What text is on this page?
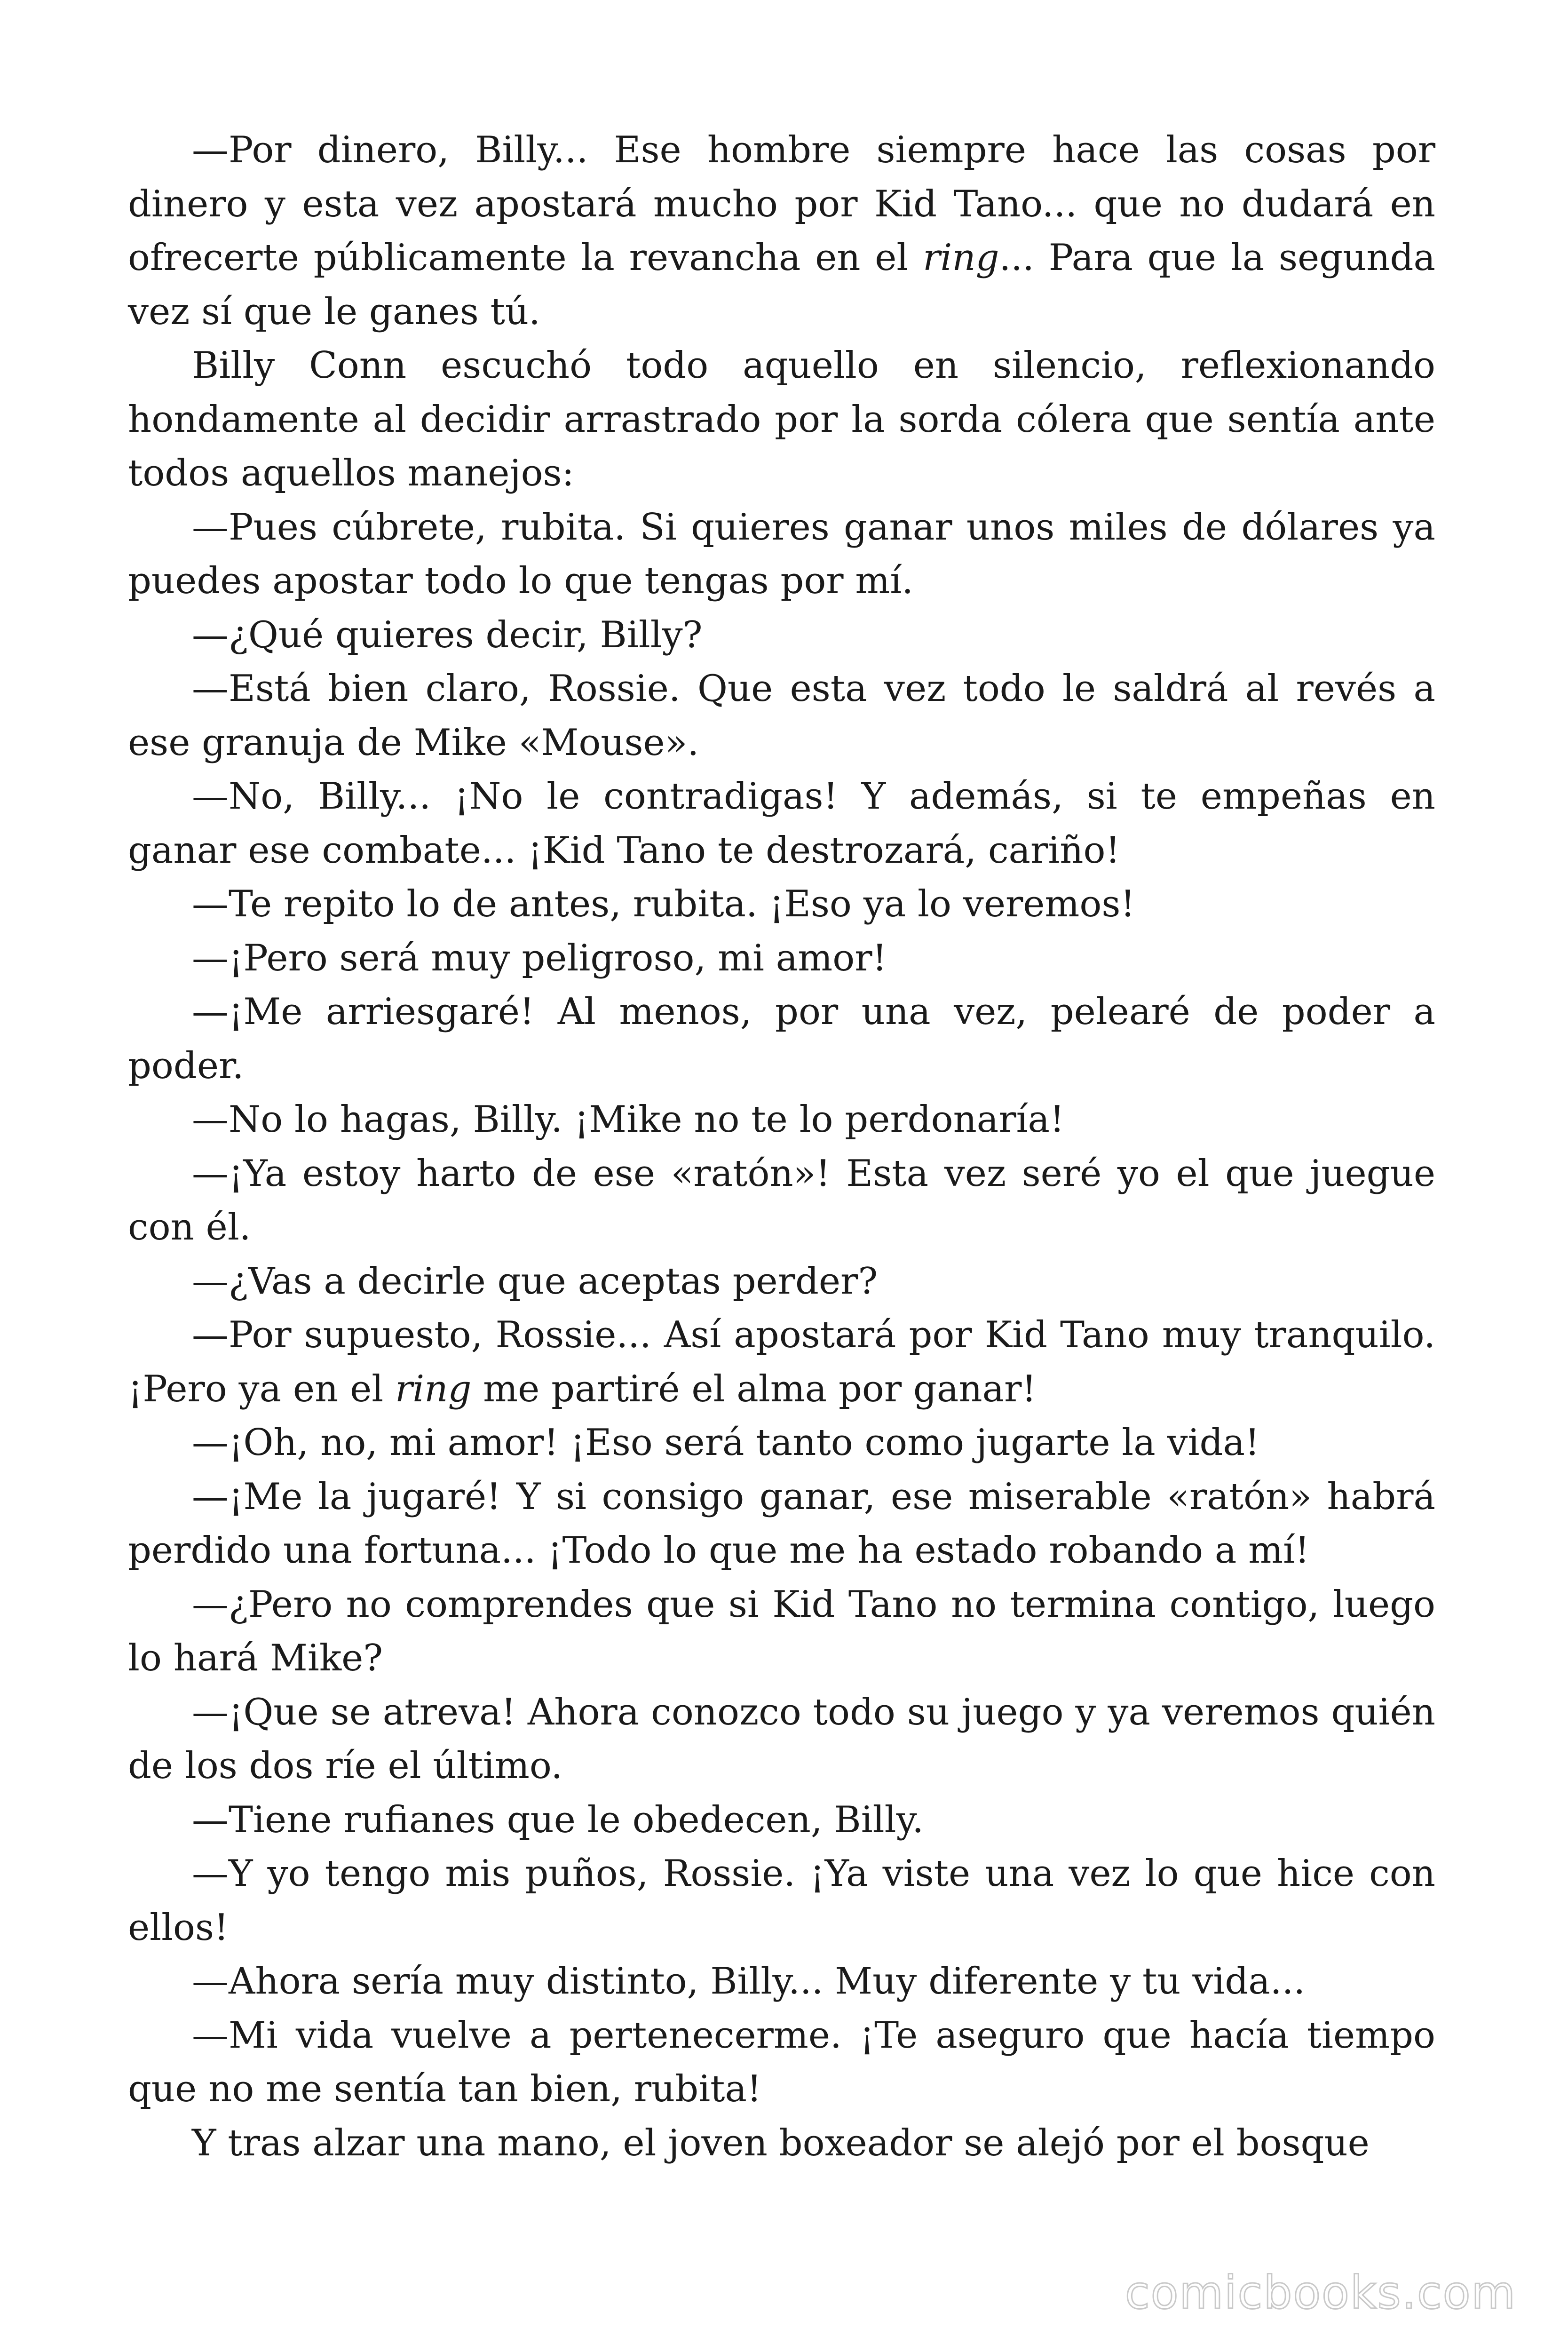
—Por dinero, Billy... Ese hombre siempre hace las cosas por dinero y esta vez apostará mucho por Kid Tano... que no dudará en ofrecerte públicamente la revancha en el ring... Para que la segunda vez sí que le ganes tú.

Billy Conn escuchó todo aquello en silencio, reflexionando hondamente al decidir arrastrado por la sorda cólera que sentía ante todos aquellos manejos:

—Pues cúbrete, rubita. Si quieres ganar unos miles de dólares ya puedes apostar todo lo que tengas por mí.

—¿Qué quieres decir, Billy?

—Está bien claro, Rossie. Que esta vez todo le saldrá al revés a ese granuja de Mike «Mouse».

—No, Billy... ¡No le contradigas! Y además, si te empeñas en ganar ese combate... ¡Kid Tano te destrozará, cariño!

—Te repito lo de antes, rubita. ¡Eso ya lo veremos!

—¡Pero será muy peligroso, mi amor!

—¡Me arriesgaré! Al menos, por una vez, pelearé de poder a poder.

—No lo hagas, Billy. ¡Mike no te lo perdonaría!

—¡Ya estoy harto de ese «ratón»! Esta vez seré yo el que juegue con él.

—¿Vas a decirle que aceptas perder?

—Por supuesto, Rossie... Así apostará por Kid Tano muy tranquilo. ¡Pero ya en el ring me partiré el alma por ganar!

—¡Oh, no, mi amor! ¡Eso será tanto como jugarte la vida!

—¡Me la jugaré! Y si consigo ganar, ese miserable «ratón» habrá perdido una fortuna... ¡Todo lo que me ha estado robando a mí!

—¿Pero no comprendes que si Kid Tano no termina contigo, luego lo hará Mike?

—¡Que se atreva! Ahora conozco todo su juego y ya veremos quién de los dos ríe el último.

—Tiene rufianes que le obedecen, Billy.

—Y yo tengo mis puños, Rossie. ¡Ya viste una vez lo que hice con ellos!

—Ahora sería muy distinto, Billy... Muy diferente y tu vida...

—Mi vida vuelve a pertenecerme. ¡Te aseguro que hacía tiempo que no me sentía tan bien, rubita!

Y tras alzar una mano, el joven boxeador se alejó por el bosque

comicbooks.com
